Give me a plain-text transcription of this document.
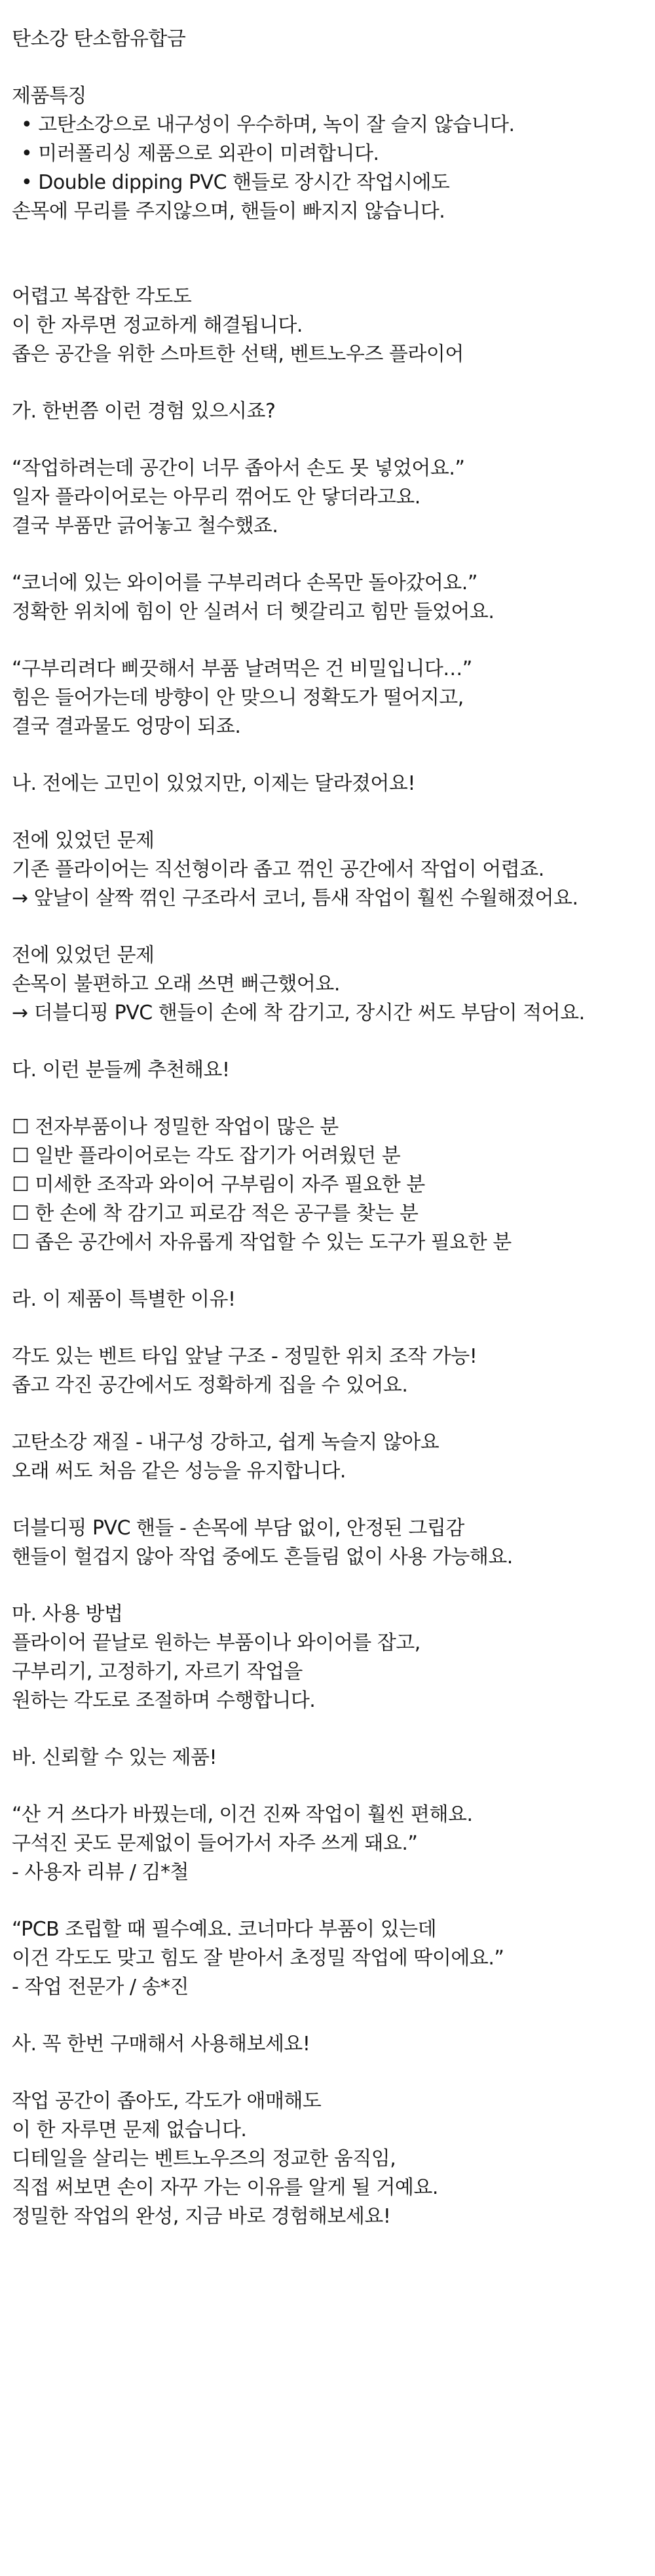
탄소강 탄소함유합금
제품특징
• 고탄소강으로 내구성이 우수하며, 녹이 잘 슬지 않습니다.
• 미러폴리싱 제품으로 외관이 미려합니다.
• Double dipping PVC 핸들로 장시간 작업시에도
손목에 무리를 주지않으며, 핸들이 빠지지 않습니다.
어렵고 복잡한 각도도
이 한 자루면 정교하게 해결됩니다.
좁은 공간을 위한 스마트한 선택, 벤트노우즈 플라이어
가. 한번쯤 이런 경험 있으시죠?
“작업하려는데 공간이 너무 좁아서 손도 못 넣었어요.”
일자 플라이어로는 아무리 꺾어도 안 닿더라고요.
결국 부품만 긁어놓고 철수했죠.
“코너에 있는 와이어를 구부리려다 손목만 돌아갔어요.”
정확한 위치에 힘이 안 실려서 더 헷갈리고 힘만 들었어요.
“구부리려다 삐끗해서 부품 날려먹은 건 비밀입니다…”
힘은 들어가는데 방향이 안 맞으니 정확도가 떨어지고,
결국 결과물도 엉망이 되죠.
나. 전에는 고민이 있었지만, 이제는 달라졌어요!
전에 있었던 문제
기존 플라이어는 직선형이라 좁고 꺾인 공간에서 작업이 어렵죠.
→ 앞날이 살짝 꺾인 구조라서 코너, 틈새 작업이 훨씬 수월해졌어요.
전에 있었던 문제
손목이 불편하고 오래 쓰면 뻐근했어요.
→ 더블디핑 PVC 핸들이 손에 착 감기고, 장시간 써도 부담이 적어요.
다. 이런 분들께 추천해요!
☐ 전자부품이나 정밀한 작업이 많은 분
☐ 일반 플라이어로는 각도 잡기가 어려웠던 분
☐ 미세한 조작과 와이어 구부림이 자주 필요한 분
☐ 한 손에 착 감기고 피로감 적은 공구를 찾는 분
☐ 좁은 공간에서 자유롭게 작업할 수 있는 도구가 필요한 분
라. 이 제품이 특별한 이유!
각도 있는 벤트 타입 앞날 구조 - 정밀한 위치 조작 가능!
좁고 각진 공간에서도 정확하게 집을 수 있어요.
고탄소강 재질 - 내구성 강하고, 쉽게 녹슬지 않아요
오래 써도 처음 같은 성능을 유지합니다.
더블디핑 PVC 핸들 - 손목에 부담 없이, 안정된 그립감
핸들이 헐겁지 않아 작업 중에도 흔들림 없이 사용 가능해요.
마. 사용 방법
플라이어 끝날로 원하는 부품이나 와이어를 잡고,
구부리기, 고정하기, 자르기 작업을
원하는 각도로 조절하며 수행합니다.
바. 신뢰할 수 있는 제품!
“산 거 쓰다가 바꿨는데, 이건 진짜 작업이 훨씬 편해요.
구석진 곳도 문제없이 들어가서 자주 쓰게 돼요.”
- 사용자 리뷰 / 김*철
“PCB 조립할 때 필수예요. 코너마다 부품이 있는데
이건 각도도 맞고 힘도 잘 받아서 초정밀 작업에 딱이에요.”
- 작업 전문가 / 송*진
사. 꼭 한번 구매해서 사용해보세요!
작업 공간이 좁아도, 각도가 애매해도
이 한 자루면 문제 없습니다.
디테일을 살리는 벤트노우즈의 정교한 움직임,
직접 써보면 손이 자꾸 가는 이유를 알게 될 거예요.
정밀한 작업의 완성, 지금 바로 경험해보세요!
